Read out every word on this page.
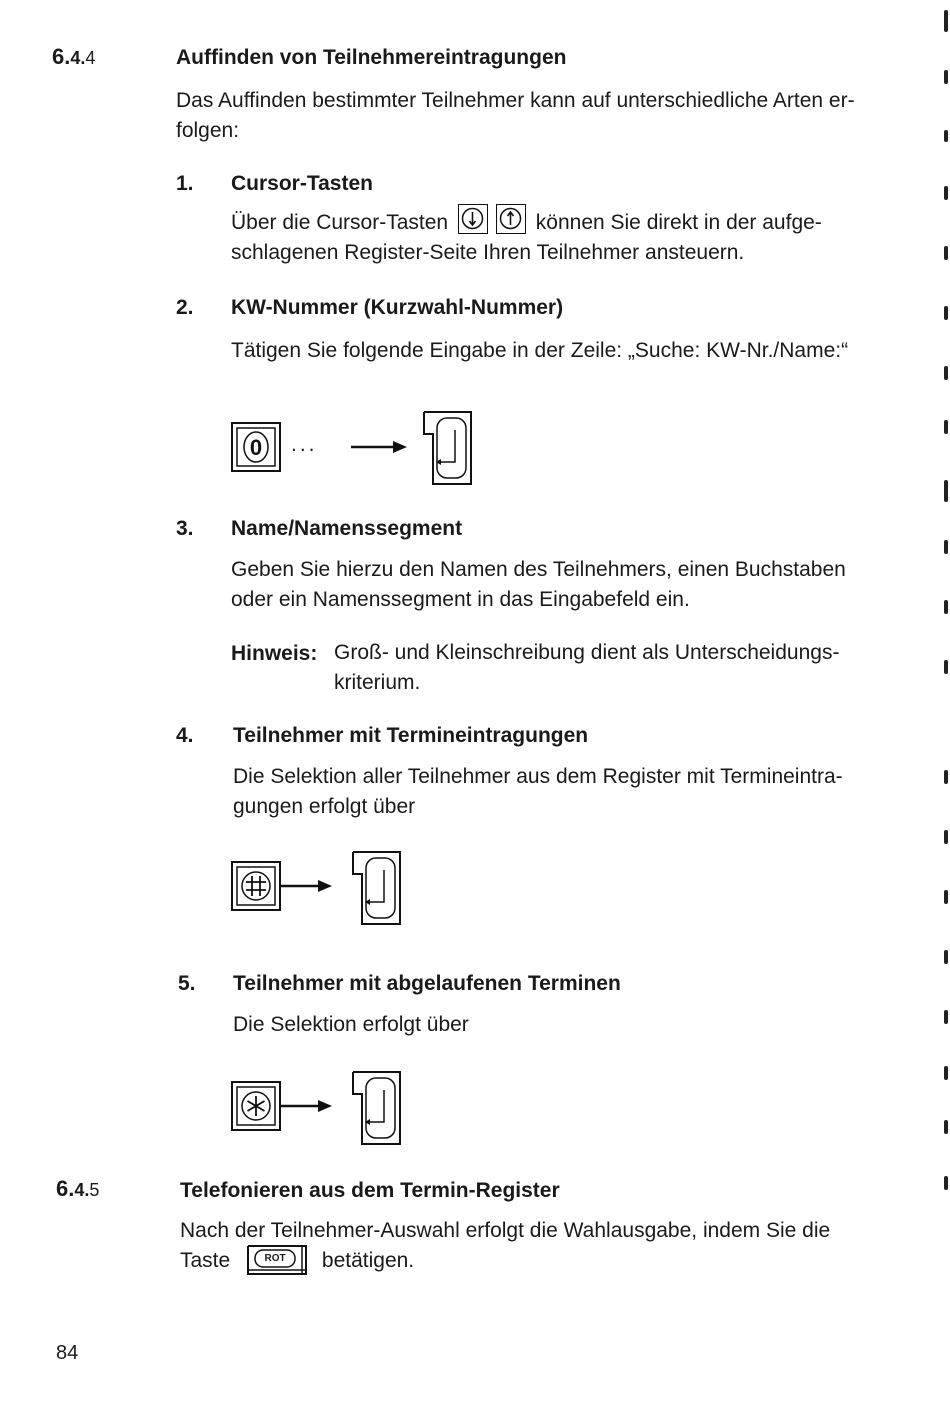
6.4.4	Auffinden von Teilnehmereintragungen
Das Auffinden bestimmter Teilnehmer kann auf unterschiedliche Arten er-
folgen:
1. Cursor-Tasten
Über die Cursor-Tasten	können Sie direkt in der aufge-
schlagenen Register-Seite Ihren Teilnehmer ansteuern.
2. KW-Nummer (Kurzwahl-Nummer)
Tätigen Sie folgende Eingabe in der Zeile: „Suche: KW-Nr./Name:“
0 ...
3. Name/Namenssegment
Geben Sie hierzu den Namen des Teilnehmers, einen Buchstaben
oder ein Namenssegment in das Eingabefeld ein.
Hinweis: Groß- und Kleinschreibung dient als Unterscheidungs-
kriterium.
4. Teilnehmer mit Termineintragungen
Die Selektion aller Teilnehmer aus dem Register mit Termineintra-
gungen erfolgt über
5. Teilnehmer mit abgelaufenen Terminen
Die Selektion erfolgt über
6.4.5	Telefonieren aus dem Termin-Register
Nach der Teilnehmer-Auswahl erfolgt die Wahlausgabe, indem Sie die
Taste	ROT	betätigen.
84
